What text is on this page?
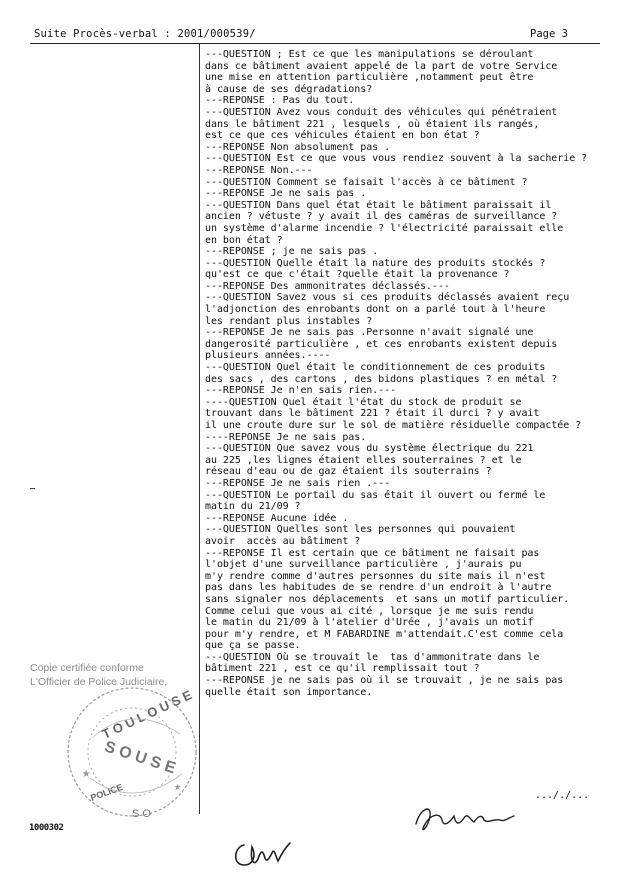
Suite Procès-verbal : 2001/000539/	Page 3
---QUESTION ; Est ce que les manipulations se déroulant
dans ce bâtiment avaient appelé de la part de votre Service
une mise en attention particulière ,notamment peut être
à cause de ses dégradations?
---REPONSE : Pas du tout.
---QUESTION Avez vous conduit des véhicules qui pénétraient
dans le bâtiment 221 , lesquels , où étaient ils rangés,
est ce que ces véhicules étaient en bon état ?
---REPONSE Non absolument pas .
---QUESTION Est ce que vous vous rendiez souvent à la sacherie ?
---REPONSE Non.---
---QUESTION Comment se faisait l'accès à ce bâtiment ?
---REPONSE Je ne sais pas .
---QUESTION Dans quel état était le bâtiment paraissait il
ancien ? vétuste ? y avait il des caméras de surveillance ?
un système d'alarme incendie ? l'électricité paraissait elle
en bon état ?
---REPONSE ; je ne sais pas .
---QUESTION Quelle était la nature des produits stockés ?
qu'est ce que c'était ?quelle était la provenance ?
---REPONSE Des ammonitrates déclassés.---
---QUESTION Savez vous si ces produits déclassés avaient reçu
l'adjonction des enrobants dont on a parlé tout à l'heure
les rendant plus instables ?
---REPONSE Je ne sais pas .Personne n'avait signalé une
dangerosité particulière , et ces enrobants existent depuis
plusieurs années.----
---QUESTION Quel était le conditionnement de ces produits
des sacs , des cartons , des bidons plastiques ? en métal ?
---REPONSE Je n'en sais rien.---
----QUESTION Quel était l'état du stock de produit se
trouvant dans le bâtiment 221 ? était il durci ? y avait
il une croute dure sur le sol de matière résiduelle compactée ?
----REPONSE Je ne sais pas.
---QUESTION Que savez vous du système électrique du 221
au 225 ,les lignes étaient elles souterraines ? et le
réseau d'eau ou de gaz étaient ils souterrains ?
---REPONSE Je ne sais rien .---
---QUESTION Le portail du sas était il ouvert ou fermé le
matin du 21/09 ?
---REPONSE Aucune idée .
---QUESTION Quelles sont les personnes qui pouvaient
avoir  accès au bâtiment ?
---REPONSE Il est certain que ce bâtiment ne faisait pas
l'objet d'une surveillance particulière , j'aurais pu
m'y rendre comme d'autres personnes du site mais il n'est
pas dans les habitudes de se rendre d'un endroit à l'autre
sans signaler nos déplacements  et sans un motif particulier.
Comme celui que vous ai cité , lorsque je me suis rendu
le matin du 21/09 à l'atelier d'Urée , j'avais un motif
pour m'y rendre, et M FABARDINE m'attendait.C'est comme cela
que ça se passe.
---QUESTION Où se trouvait le  tas d'ammonitrate dans le
bâtiment 221 , est ce qu'il remplissait tout ?
---REPONSE je ne sais pas où il se trouvait , je ne sais pas
quelle était son importance.
Copie certifiée conforme
L'Officier de Police Judiciaire,
T O U L O U S E
S O U S E
POLICE
S O
★
★
1000302
..././...
